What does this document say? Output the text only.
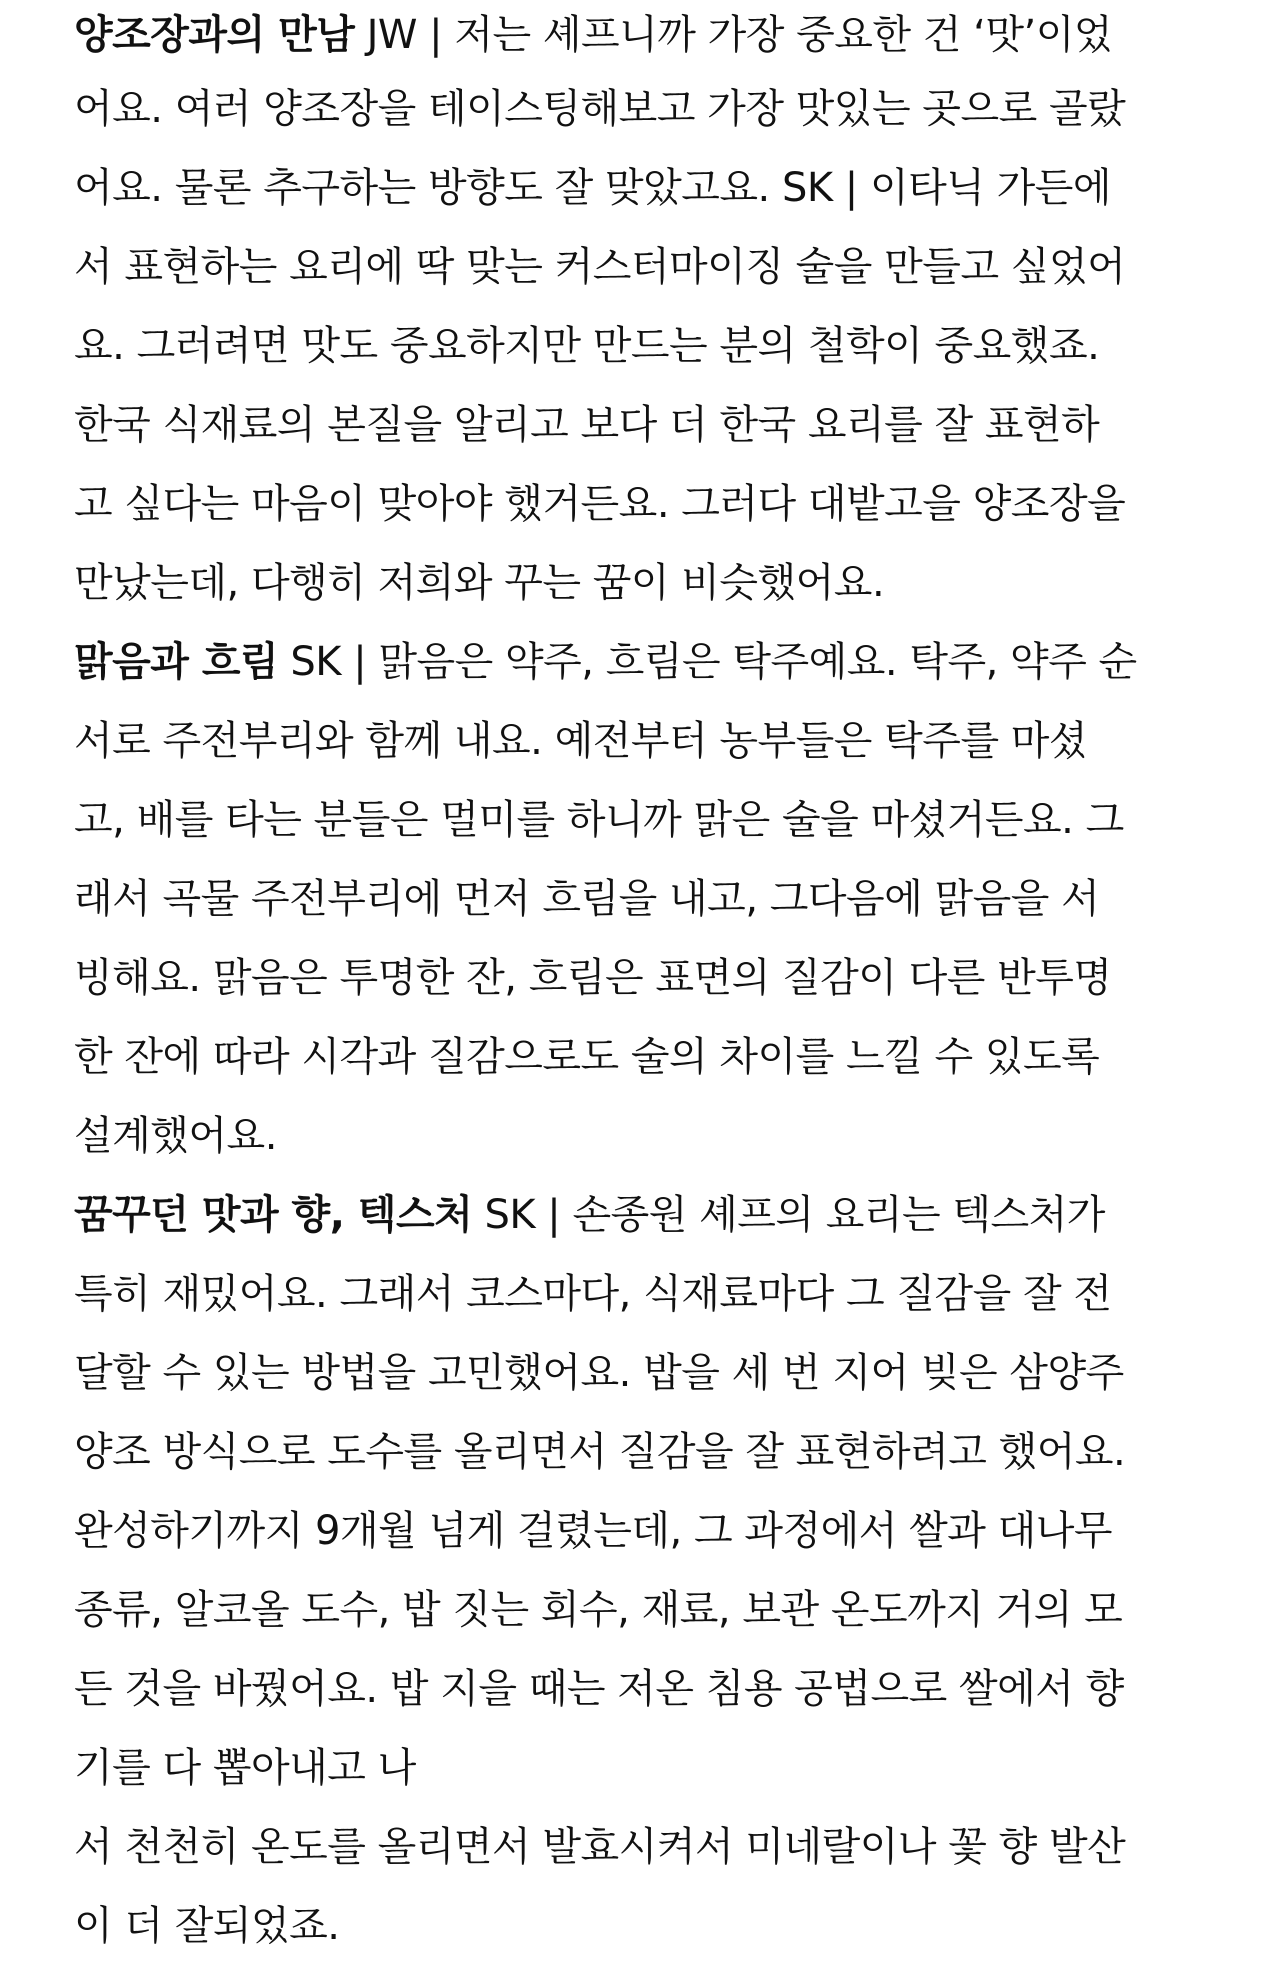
양조장과의 만남 JW | 저는 셰프니까 가장 중요한 건 ‘맛’이었
어요. 여러 양조장을 테이스팅해보고 가장 맛있는 곳으로 골랐
어요. 물론 추구하는 방향도 잘 맞았고요. SK | 이타닉 가든에
서 표현하는 요리에 딱 맞는 커스터마이징 술을 만들고 싶었어
요. 그러려면 맛도 중요하지만 만드는 분의 철학이 중요했죠.
한국 식재료의 본질을 알리고 보다 더 한국 요리를 잘 표현하
고 싶다는 마음이 맞아야 했거든요. 그러다 대밭고을 양조장을
만났는데, 다행히 저희와 꾸는 꿈이 비슷했어요.
맑음과 흐림 SK | 맑음은 약주, 흐림은 탁주예요. 탁주, 약주 순
서로 주전부리와 함께 내요. 예전부터 농부들은 탁주를 마셨
고, 배를 타는 분들은 멀미를 하니까 맑은 술을 마셨거든요. 그
래서 곡물 주전부리에 먼저 흐림을 내고, 그다음에 맑음을 서
빙해요. 맑음은 투명한 잔, 흐림은 표면의 질감이 다른 반투명
한 잔에 따라 시각과 질감으로도 술의 차이를 느낄 수 있도록
설계했어요.
꿈꾸던 맛과 향, 텍스처 SK | 손종원 셰프의 요리는 텍스처가
특히 재밌어요. 그래서 코스마다, 식재료마다 그 질감을 잘 전
달할 수 있는 방법을 고민했어요. 밥을 세 번 지어 빚은 삼양주
양조 방식으로 도수를 올리면서 질감을 잘 표현하려고 했어요.
완성하기까지 9개월 넘게 걸렸는데, 그 과정에서 쌀과 대나무
종류, 알코올 도수, 밥 짓는 회수, 재료, 보관 온도까지 거의 모
든 것을 바꿨어요. 밥 지을 때는 저온 침용 공법으로 쌀에서 향
기를 다 뽑아내고 나
서 천천히 온도를 올리면서 발효시켜서 미네랄이나 꽃 향 발산
이 더 잘되었죠.
